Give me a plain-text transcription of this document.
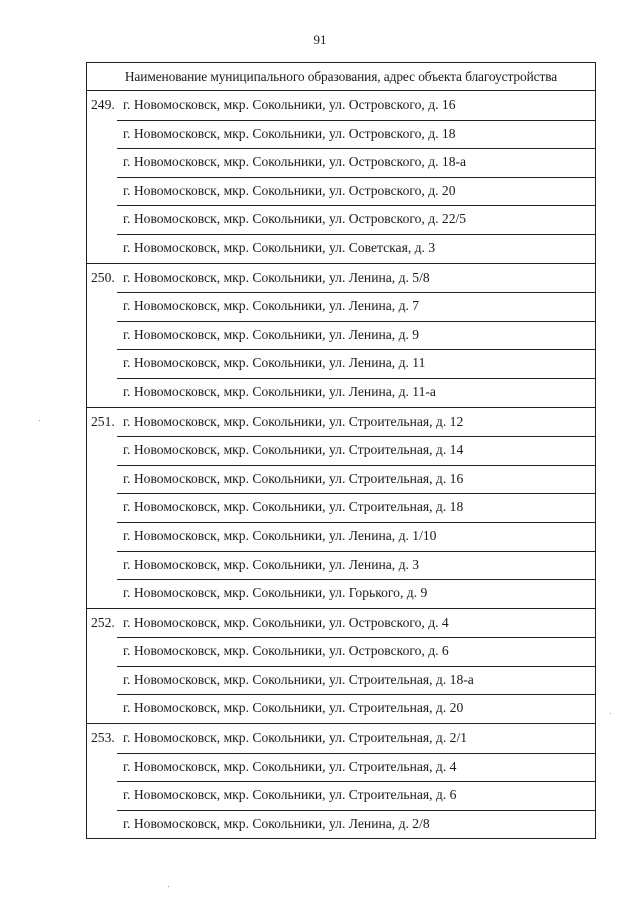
91
Наименование муниципального образования, адрес объекта благоустройства
249. г. Новомосковск, мкр. Сокольники, ул. Островского, д. 16
г. Новомосковск, мкр. Сокольники, ул. Островского, д. 18
г. Новомосковск, мкр. Сокольники, ул. Островского, д. 18-а
г. Новомосковск, мкр. Сокольники, ул. Островского, д. 20
г. Новомосковск, мкр. Сокольники, ул. Островского, д. 22/5
г. Новомосковск, мкр. Сокольники, ул. Советская, д. 3
250. г. Новомосковск, мкр. Сокольники, ул. Ленина, д. 5/8
г. Новомосковск, мкр. Сокольники, ул. Ленина, д. 7
г. Новомосковск, мкр. Сокольники, ул. Ленина, д. 9
г. Новомосковск, мкр. Сокольники, ул. Ленина, д. 11
г. Новомосковск, мкр. Сокольники, ул. Ленина, д. 11-а
251. г. Новомосковск, мкр. Сокольники, ул. Строительная, д. 12
г. Новомосковск, мкр. Сокольники, ул. Строительная, д. 14
г. Новомосковск, мкр. Сокольники, ул. Строительная, д. 16
г. Новомосковск, мкр. Сокольники, ул. Строительная, д. 18
г. Новомосковск, мкр. Сокольники, ул. Ленина, д. 1/10
г. Новомосковск, мкр. Сокольники, ул. Ленина, д. 3
г. Новомосковск, мкр. Сокольники, ул. Горького, д. 9
252. г. Новомосковск, мкр. Сокольники, ул. Островского, д. 4
г. Новомосковск, мкр. Сокольники, ул. Островского, д. 6
г. Новомосковск, мкр. Сокольники, ул. Строительная, д. 18-а
г. Новомосковск, мкр. Сокольники, ул. Строительная, д. 20
253. г. Новомосковск, мкр. Сокольники, ул. Строительная, д. 2/1
г. Новомосковск, мкр. Сокольники, ул. Строительная, д. 4
г. Новомосковск, мкр. Сокольники, ул. Строительная, д. 6
г. Новомосковск, мкр. Сокольники, ул. Ленина, д. 2/8
